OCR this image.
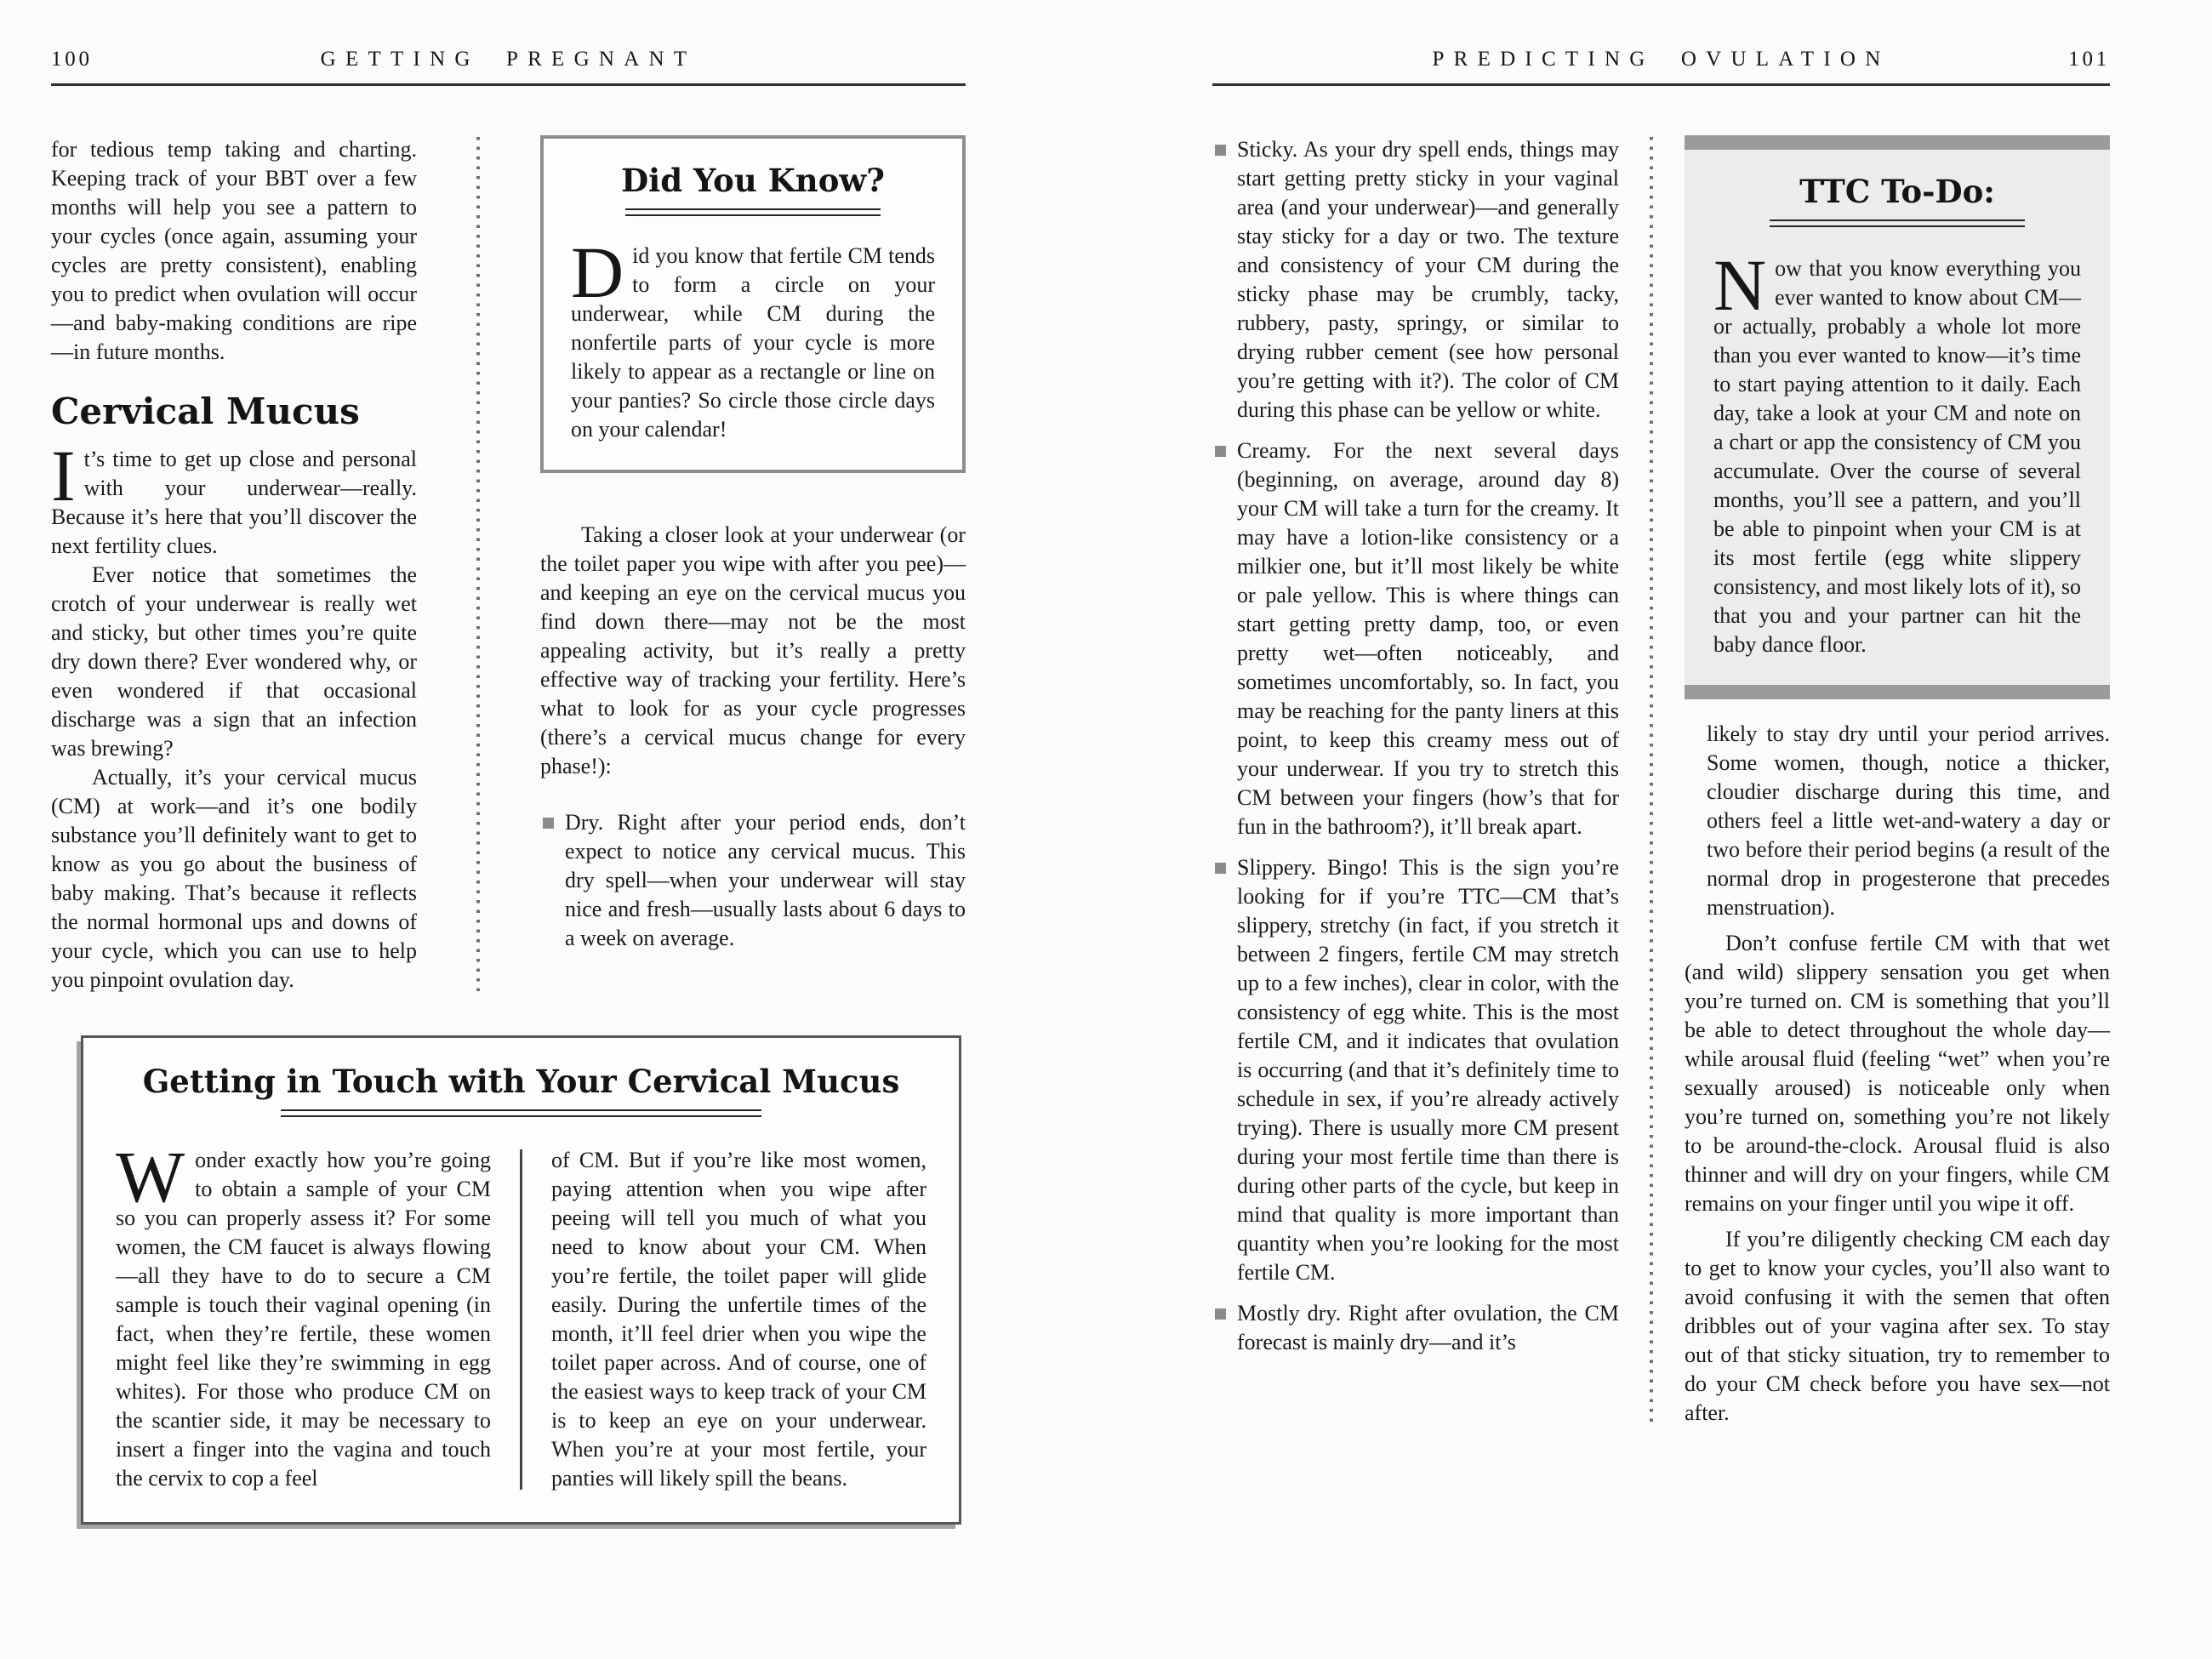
100	GETTING PREGNANT

for tedious temp taking and charting. Keeping track of your BBT over a few months will help you see a pattern to your cycles (once again, assuming your cycles are pretty consistent), enabling you to predict when ovulation will occur—and baby-making conditions are ripe—in future months.

Cervical Mucus

It’s time to get up close and personal with your underwear—really. Because it’s here that you’ll discover the next fertility clues.

Ever notice that sometimes the crotch of your underwear is really wet and sticky, but other times you’re quite dry down there? Ever wondered why, or even wondered if that occasional discharge was a sign that an infection was brewing?

Actually, it’s your cervical mucus (CM) at work—and it’s one bodily substance you’ll definitely want to get to know as you go about the business of baby making. That’s because it reflects the normal hormonal ups and downs of your cycle, which you can use to help you pinpoint ovulation day.

Did You Know?

Did you know that fertile CM tends to form a circle on your underwear, while CM during the nonfertile parts of your cycle is more likely to appear as a rectangle or line on your panties? So circle those circle days on your calendar!

Taking a closer look at your underwear (or the toilet paper you wipe with after you pee)—and keeping an eye on the cervical mucus you find down there—may not be the most appealing activity, but it’s really a pretty effective way of tracking your fertility. Here’s what to look for as your cycle progresses (there’s a cervical mucus change for every phase!):

Dry. Right after your period ends, don’t expect to notice any cervical mucus. This dry spell—when your underwear will stay nice and fresh—usually lasts about 6 days to a week on average.
Getting in Touch with Your Cervical Mucus

Wonder exactly how you’re going to obtain a sample of your CM so you can properly assess it? For some women, the CM faucet is always flowing—all they have to do to secure a CM sample is touch their vaginal opening (in fact, when they’re fertile, these women might feel like they’re swimming in egg whites). For those who produce CM on the scantier side, it may be necessary to insert a finger into the vagina and touch the cervix to cop a feel

of CM. But if you’re like most women, paying attention when you wipe after peeing will tell you much of what you need to know about your CM. When you’re fertile, the toilet paper will glide easily. During the unfertile times of the month, it’ll feel drier when you wipe the toilet paper across. And of course, one of the easiest ways to keep track of your CM is to keep an eye on your underwear. When you’re at your most fertile, your panties will likely spill the beans.

PREDICTING OVULATION	101
Sticky. As your dry spell ends, things may start getting pretty sticky in your vaginal area (and your underwear)—and generally stay sticky for a day or two. The texture and consistency of your CM during the sticky phase may be crumbly, tacky, rubbery, pasty, springy, or similar to drying rubber cement (see how personal you’re getting with it?). The color of CM during this phase can be yellow or white.
Creamy. For the next several days (beginning, on average, around day 8) your CM will take a turn for the creamy. It may have a lotion-like consistency or a milkier one, but it’ll most likely be white or pale yellow. This is where things can start getting pretty damp, too, or even pretty wet—often noticeably, and sometimes uncomfortably, so. In fact, you may be reaching for the panty liners at this point, to keep this creamy mess out of your underwear. If you try to stretch this CM between your fingers (how’s that for fun in the bathroom?), it’ll break apart.
Slippery. Bingo! This is the sign you’re looking for if you’re TTC—CM that’s slippery, stretchy (in fact, if you stretch it between 2 fingers, fertile CM may stretch up to a few inches), clear in color, with the consistency of egg white. This is the most fertile CM, and it indicates that ovulation is occurring (and that it’s definitely time to schedule in sex, if you’re already actively trying). There is usually more CM present during your most fertile time than there is during other parts of the cycle, but keep in mind that quality is more important than quantity when you’re looking for the most fertile CM.
Mostly dry. Right after ovulation, the CM forecast is mainly dry—and it’s
TTC To-Do:

Now that you know everything you ever wanted to know about CM—or actually, probably a whole lot more than you ever wanted to know—it’s time to start paying attention to it daily. Each day, take a look at your CM and note on a chart or app the consistency of CM you accumulate. Over the course of several months, you’ll see a pattern, and you’ll be able to pinpoint when your CM is at its most fertile (egg white slippery consistency, and most likely lots of it), so that you and your partner can hit the baby dance floor.

likely to stay dry until your period arrives. Some women, though, notice a thicker, cloudier discharge during this time, and others feel a little wet-and-watery a day or two before their period begins (a result of the normal drop in progesterone that precedes menstruation).

Don’t confuse fertile CM with that wet (and wild) slippery sensation you get when you’re turned on. CM is something that you’ll be able to detect throughout the whole day—while arousal fluid (feeling “wet” when you’re sexually aroused) is noticeable only when you’re turned on, something you’re not likely to be around-the-clock. Arousal fluid is also thinner and will dry on your fingers, while CM remains on your finger until you wipe it off.

If you’re diligently checking CM each day to get to know your cycles, you’ll also want to avoid confusing it with the semen that often dribbles out of your vagina after sex. To stay out of that sticky situation, try to remember to do your CM check before you have sex—not after.
